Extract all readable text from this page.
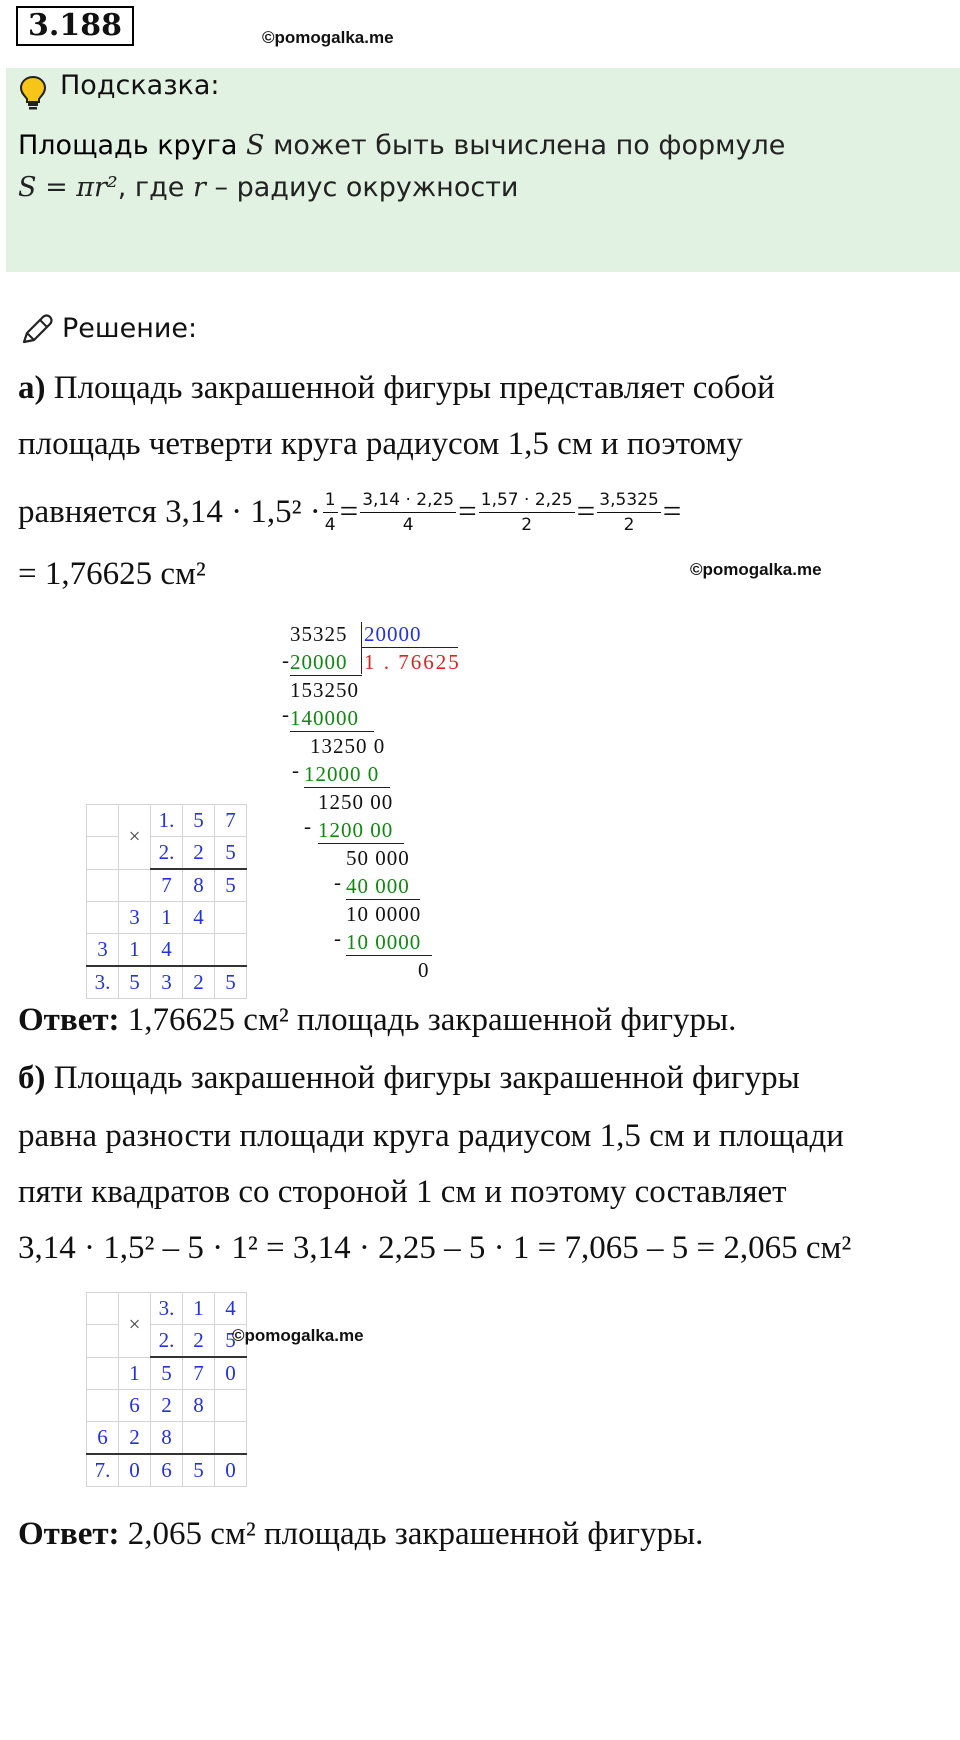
3.188	©pomogalka.me
Подсказка:
Площадь круга S может быть вычислена по формуле
S = πr², где r – радиус окружности
Решение:
а) Площадь закрашенной фигуры представляет собой
площадь четверти круга радиусом 1,5 см и поэтому
равняется $3,14 \cdot 1,5^2 \cdot \frac{1}{4} = \frac{3,14 \cdot 2,25}{4} = \frac{1,57 \cdot 2,25}{2} = \frac{3,5325}{2}$ =
= 1,76625 см²	©pomogalka.me
35325 20000
- 20000 1 . 76625
153250
- 140000
13250 0
- 12000 0
1250 00
- 1200 00
50 000
- 40 000
10 0000
- 10 0000
0
	×	1.	5	7
		2.	2	5
		7	8	5
	3	1	4	
3	1	4		
3.	5	3	2	5
Ответ: 1,76625 см² площадь закрашенной фигуры.
б) Площадь закрашенной фигуры закрашенной фигуры
равна разности площади круга радиусом 1,5 см и площади
пяти квадратов со стороной 1 см и поэтому составляет
3,14 · 1,5² – 5 · 1² = 3,14 · 2,25 – 5 · 1 = 7,065 – 5 = 2,065 см²
	×	3.	1	4
		2.	2	5
	1	5	7	0
	6	2	8	
6	2	8		
7.	0	6	5	0
©pomogalka.me
Ответ: 2,065 см² площадь закрашенной фигуры.
